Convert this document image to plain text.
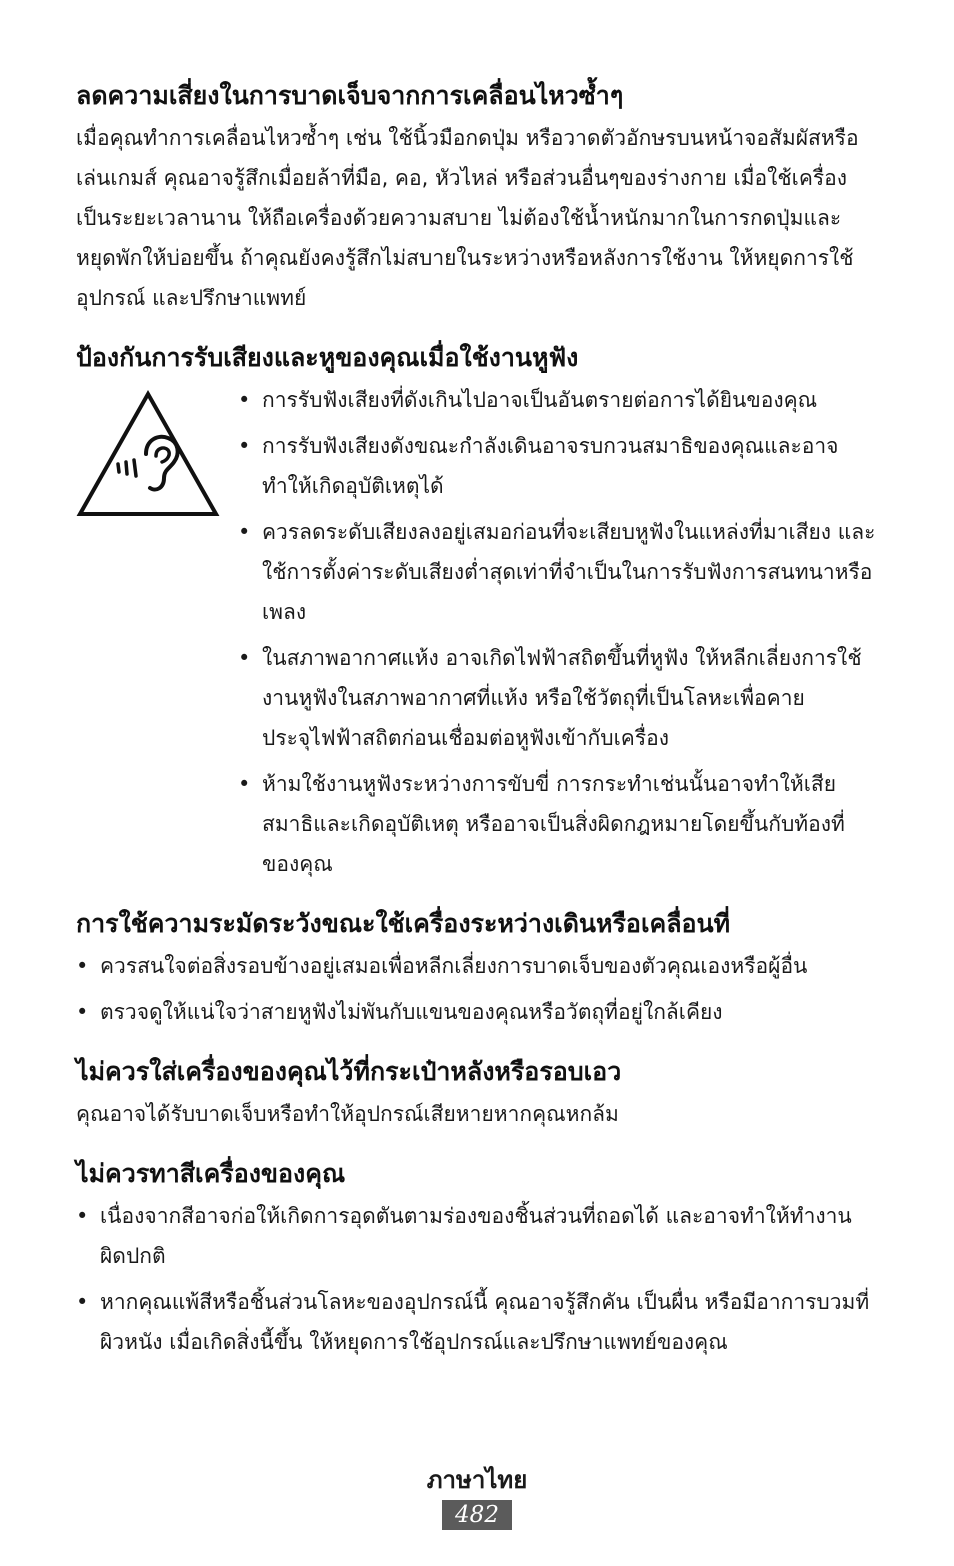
ลดความเสี่ยงในการบาดเจ็บจากการเคลื่อนไหวซ้ำๆ

เมื่อคุณทำการเคลื่อนไหวซ้ำๆ เช่น ใช้นิ้วมือกดปุ่ม หรือวาดตัวอักษรบนหน้าจอสัมผัสหรือเล่นเกมส์ คุณอาจรู้สึกเมื่อยล้าที่มือ, คอ, หัวไหล่ หรือส่วนอื่นๆของร่างกาย เมื่อใช้เครื่องเป็นระยะเวลานาน ให้ถือเครื่องด้วยความสบาย ไม่ต้องใช้น้ำหนักมากในการกดปุ่มและหยุดพักให้บ่อยขึ้น ถ้าคุณยังคงรู้สึกไม่สบายในระหว่างหรือหลังการใช้งาน ให้หยุดการใช้อุปกรณ์ และปรึกษาแพทย์

ป้องกันการรับเสียงและหูของคุณเมื่อใช้งานหูฟัง
• การรับฟังเสียงที่ดังเกินไปอาจเป็นอันตรายต่อการได้ยินของคุณ
• การรับฟังเสียงดังขณะกำลังเดินอาจรบกวนสมาธิของคุณและอาจทำให้เกิดอุบัติเหตุได้
• ควรลดระดับเสียงลงอยู่เสมอก่อนที่จะเสียบหูฟังในแหล่งที่มาเสียง และใช้การตั้งค่าระดับเสียงต่ำสุดเท่าที่จำเป็นในการรับฟังการสนทนาหรือเพลง
• ในสภาพอากาศแห้ง อาจเกิดไฟฟ้าสถิตขึ้นที่หูฟัง ให้หลีกเลี่ยงการใช้งานหูฟังในสภาพอากาศที่แห้ง หรือใช้วัตถุที่เป็นโลหะเพื่อคายประจุไฟฟ้าสถิตก่อนเชื่อมต่อหูฟังเข้ากับเครื่อง
• ห้ามใช้งานหูฟังระหว่างการขับขี่ การกระทำเช่นนั้นอาจทำให้เสียสมาธิและเกิดอุบัติเหตุ หรืออาจเป็นสิ่งผิดกฎหมายโดยขึ้นกับท้องที่ของคุณ
การใช้ความระมัดระวังขณะใช้เครื่องระหว่างเดินหรือเคลื่อนที่
• ควรสนใจต่อสิ่งรอบข้างอยู่เสมอเพื่อหลีกเลี่ยงการบาดเจ็บของตัวคุณเองหรือผู้อื่น
• ตรวจดูให้แน่ใจว่าสายหูฟังไม่พันกับแขนของคุณหรือวัตถุที่อยู่ใกล้เคียง
ไม่ควรใส่เครื่องของคุณไว้ที่กระเป๋าหลังหรือรอบเอว

คุณอาจได้รับบาดเจ็บหรือทำให้อุปกรณ์เสียหายหากคุณหกล้ม

ไม่ควรทาสีเครื่องของคุณ
• เนื่องจากสีอาจก่อให้เกิดการอุดตันตามร่องของชิ้นส่วนที่ถอดได้ และอาจทำให้ทำงานผิดปกติ
• หากคุณแพ้สีหรือชิ้นส่วนโลหะของอุปกรณ์นี้ คุณอาจรู้สึกคัน เป็นผื่น หรือมีอาการบวมที่ผิวหนัง เมื่อเกิดสิ่งนี้ขึ้น ให้หยุดการใช้อุปกรณ์และปรึกษาแพทย์ของคุณ
ภาษาไทย
482
